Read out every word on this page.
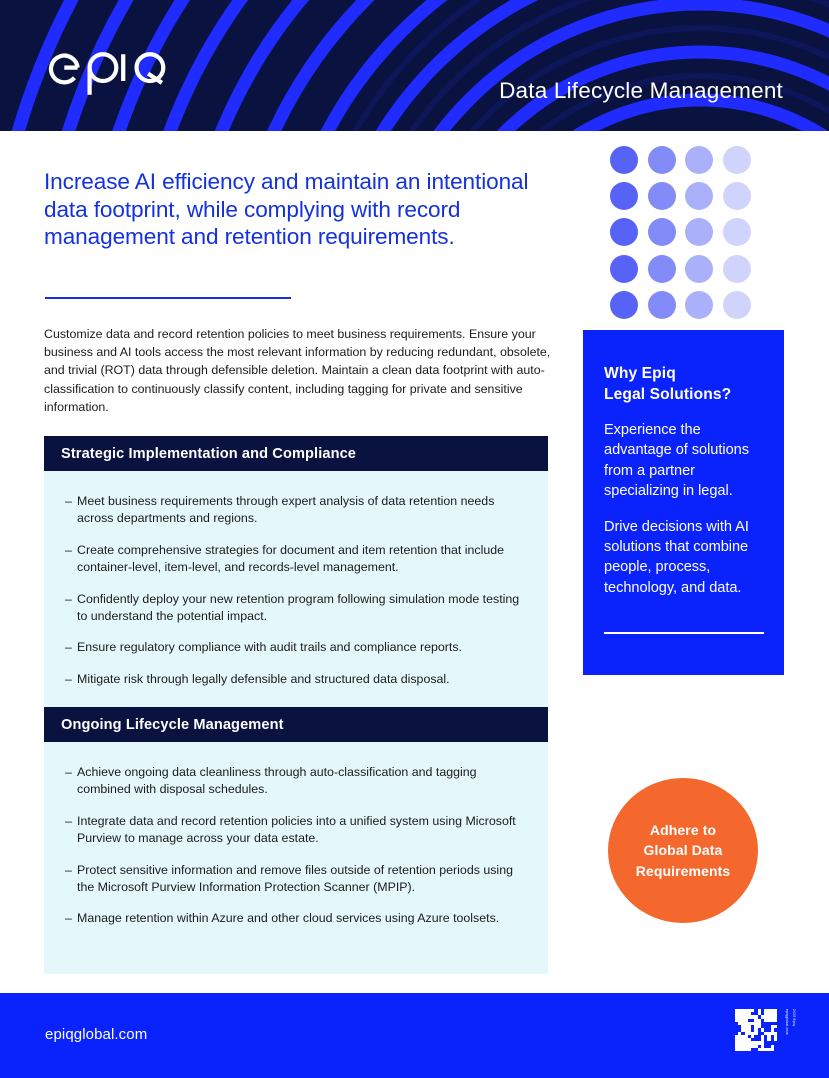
Data Lifecycle Management
Increase AI efficiency and maintain an intentional data footprint, while complying with record management and retention requirements.
Customize data and record retention policies to meet business requirements. Ensure your business and AI tools access the most relevant information by reducing redundant, obsolete, and trivial (ROT) data through defensible deletion. Maintain a clean data footprint with auto-classification to continuously classify content, including tagging for private and sensitive information.
Strategic Implementation and Compliance
– Meet business requirements through expert analysis of data retention needs across departments and regions.
– Create comprehensive strategies for document and item retention that include container-level, item-level, and records-level management.
– Confidently deploy your new retention program following simulation mode testing to understand the potential impact.
– Ensure regulatory compliance with audit trails and compliance reports.
– Mitigate risk through legally defensible and structured data disposal.
Ongoing Lifecycle Management
– Achieve ongoing data cleanliness through auto-classification and tagging combined with disposal schedules.
– Integrate data and record retention policies into a unified system using Microsoft Purview to manage across your data estate.
– Protect sensitive information and remove files outside of retention periods using the Microsoft Purview Information Protection Scanner (MPIP).
– Manage retention within Azure and other cloud services using Azure toolsets.
Why Epiq
Legal Solutions?
Experience the advantage of solutions from a partner specializing in legal.
Drive decisions with AI solutions that combine people, process, technology, and data.
Adhere to
Global Data
Requirements
epiqglobal.com	epiqglobal.com 2025 Epiq
